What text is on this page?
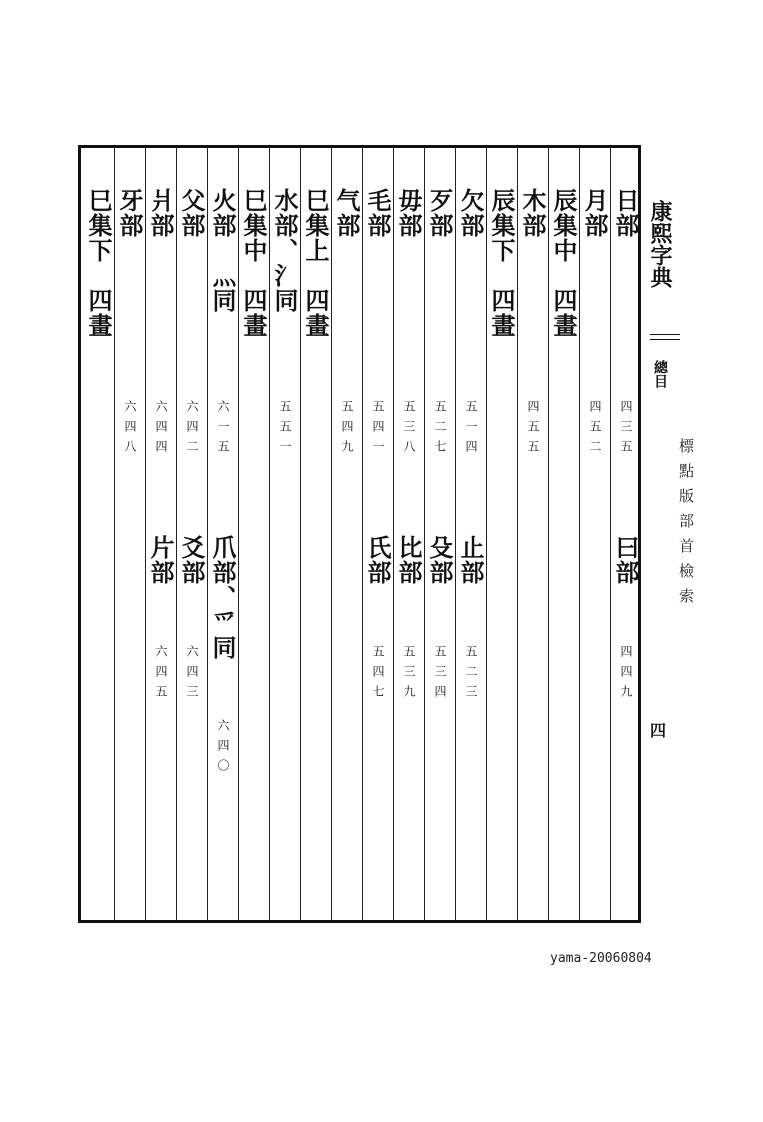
日部
四三五
曰部
四四九
月部
四五二
辰集中　四畫
木部
四五五
辰集下　四畫
欠部
五一四
止部
五二三
歹部
五二七
殳部
五三四
毋部
五三八
比部
五三九
毛部
五四一
氏部
五四七
气部
五四九
巳集上　四畫
水部、氵同
五五一
巳集中　四畫
火部　灬同
六一五
爪部、爫同
六四〇
父部
六四二
爻部
六四三
爿部
六四四
片部
六四五
牙部
六四八
巳集下　四畫	康熙字典
總目
四
標點版部首檢索
yama-20060804
